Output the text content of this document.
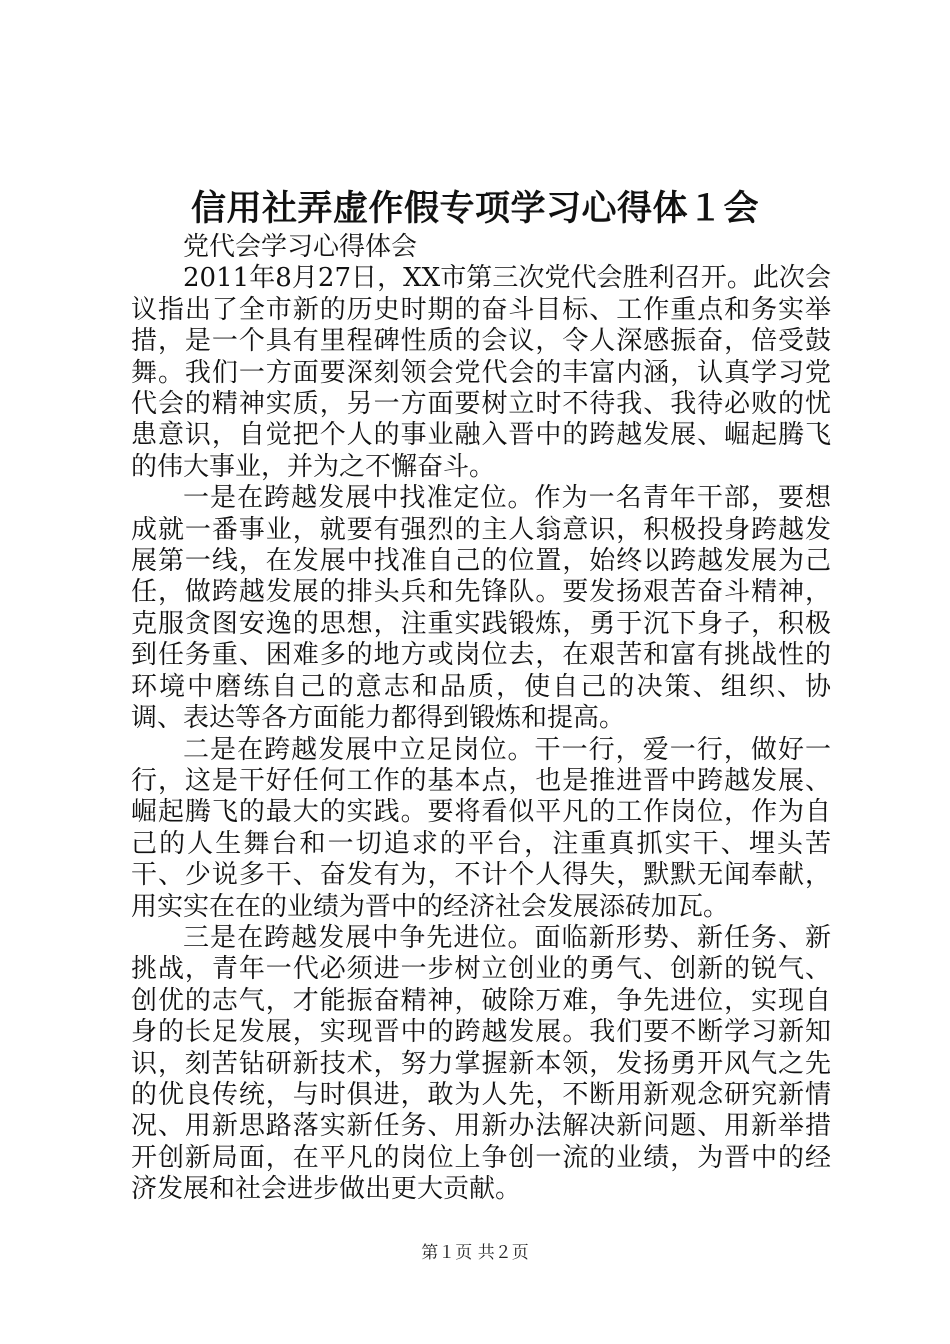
信用社弄虚作假专项学习心得体１会

党代会学习心得体会

2011年8月27日，XX市第三次党代会胜利召开。此次会议指出了全市新的历史时期的奋斗目标、工作重点和务实举措，是一个具有里程碑性质的会议，令人深感振奋，倍受鼓舞。我们一方面要深刻领会党代会的丰富内涵，认真学习党代会的精神实质，另一方面要树立时不待我、我待必败的忧患意识，自觉把个人的事业融入晋中的跨越发展、崛起腾飞的伟大事业，并为之不懈奋斗。

一是在跨越发展中找准定位。作为一名青年干部，要想成就一番事业，就要有强烈的主人翁意识，积极投身跨越发展第一线，在发展中找准自己的位置，始终以跨越发展为己任，做跨越发展的排头兵和先锋队。要发扬艰苦奋斗精神，克服贪图安逸的思想，注重实践锻炼，勇于沉下身子，积极到任务重、困难多的地方或岗位去，在艰苦和富有挑战性的环境中磨练自己的意志和品质，使自己的决策、组织、协调、表达等各方面能力都得到锻炼和提高。

二是在跨越发展中立足岗位。干一行，爱一行，做好一行，这是干好任何工作的基本点，也是推进晋中跨越发展、崛起腾飞的最大的实践。要将看似平凡的工作岗位，作为自己的人生舞台和一切追求的平台，注重真抓实干、埋头苦干、少说多干、奋发有为，不计个人得失，默默无闻奉献，用实实在在的业绩为晋中的经济社会发展添砖加瓦。

三是在跨越发展中争先进位。面临新形势、新任务、新挑战，青年一代必须进一步树立创业的勇气、创新的锐气、创优的志气，才能振奋精神，破除万难，争先进位，实现自身的长足发展，实现晋中的跨越发展。我们要不断学习新知识，刻苦钻研新技术，努力掌握新本领，发扬勇开风气之先的优良传统，与时俱进，敢为人先，不断用新观念研究新情况、用新思路落实新任务、用新办法解决新问题、用新举措开创新局面，在平凡的岗位上争创一流的业绩，为晋中的经济发展和社会进步做出更大贡献。

第１页 共２页
